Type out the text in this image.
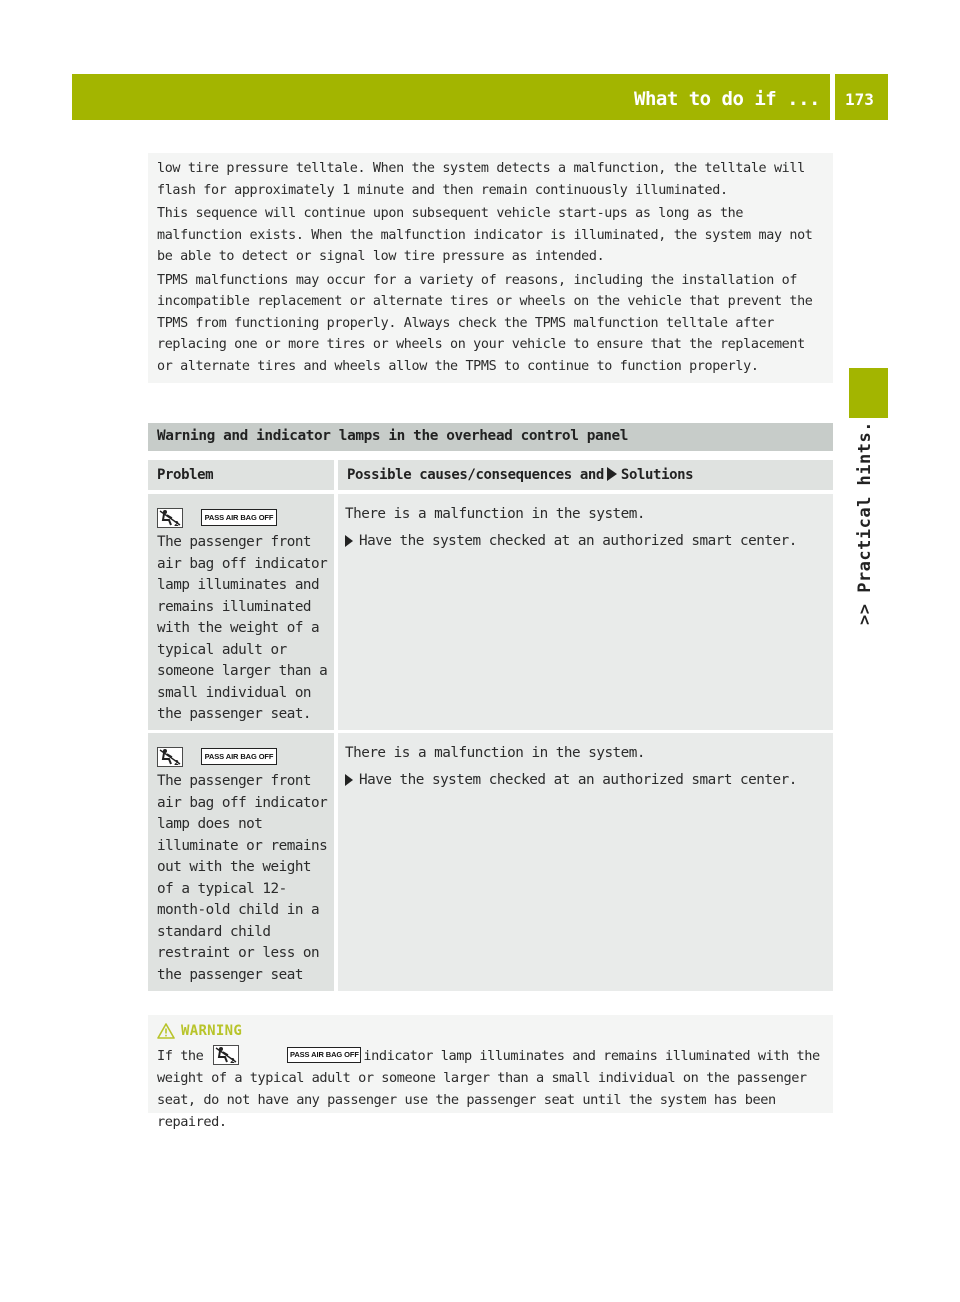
What to do if ... 173
>> Practical hints.

low tire pressure telltale. When the system detects a malfunction, the telltale will flash for approximately 1 minute and then remain continuously illuminated.

This sequence will continue upon subsequent vehicle start-ups as long as the malfunction exists. When the malfunction indicator is illuminated, the system may not be able to detect or signal low tire pressure as intended.

TPMS malfunctions may occur for a variety of reasons, including the installation of incompatible replacement or alternate tires or wheels on the vehicle that prevent the TPMS from functioning properly. Always check the TPMS malfunction telltale after replacing one or more tires or wheels on your vehicle to ensure that the replacement or alternate tires and wheels allow the TPMS to continue to function properly.

Warning and indicator lamps in the overhead control panel
Problem	Possible causes/consequences and Solutions
2
PASS AIR BAG OFF
The passenger front air bag off indicator lamp illuminates and remains illuminated with the weight of a typical adult or someone larger than a small individual on the passenger seat.
There is a malfunction in the system.
Have the system checked at an authorized smart center.
2
PASS AIR BAG OFF
The passenger front air bag off indicator lamp does not illuminate or remains out with the weight of a typical 12-month-old child in a standard child restraint or less on the passenger seat
There is a malfunction in the system.
Have the system checked at an authorized smart center.
WARNING
If the	2
PASS AIR BAG OFF indicator lamp illuminates and remains illuminated with the weight of a typical adult or someone larger than a small individual on the passenger seat, do not have any passenger use the passenger seat until the system has been repaired.
